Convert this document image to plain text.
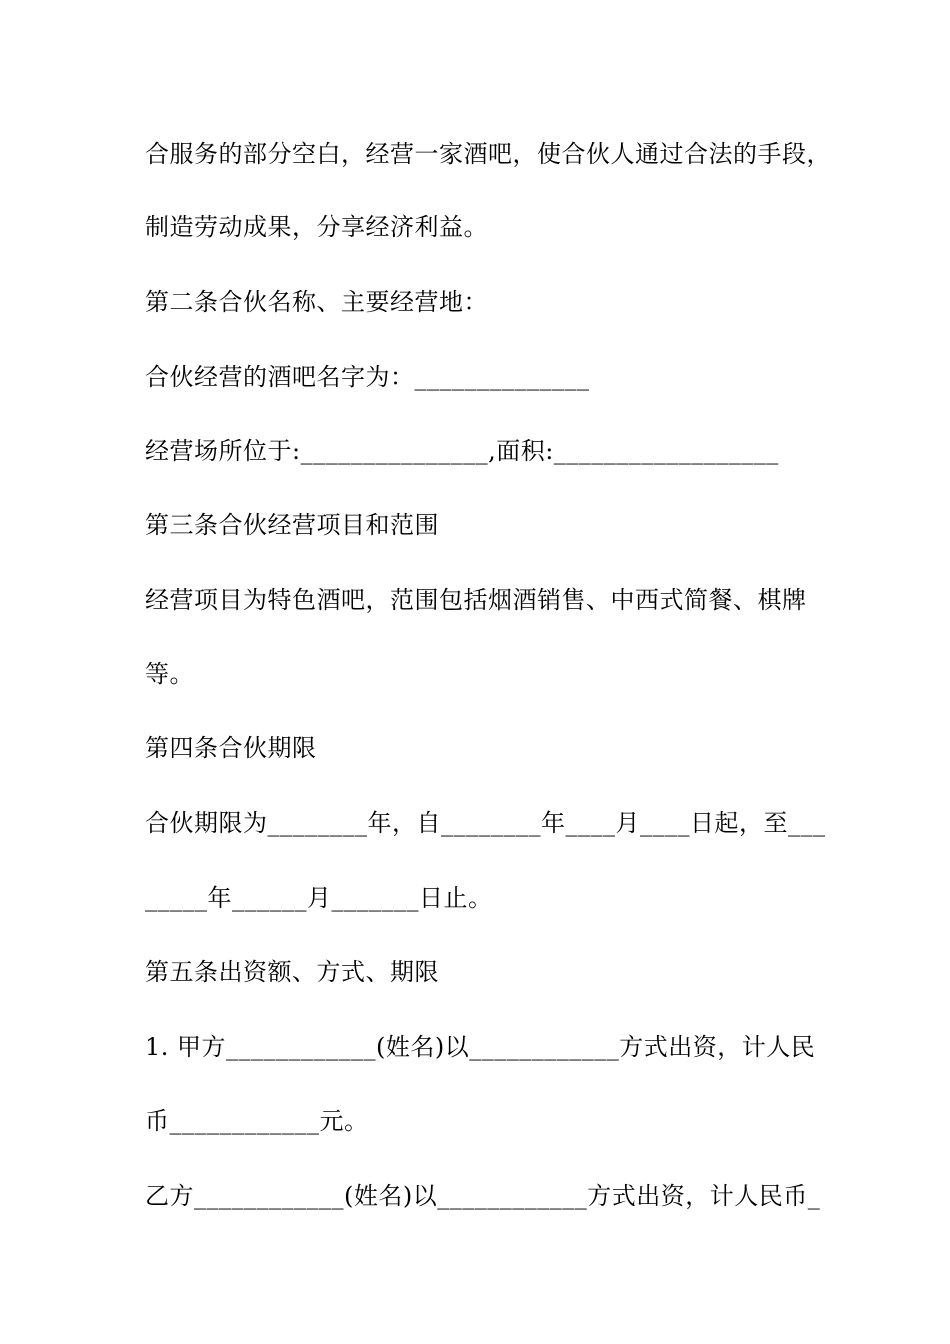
合服务的部分空白，经营一家酒吧，使合伙人通过合法的手段，
制造劳动成果，分享经济利益。
第二条合伙名称、主要经营地：
合伙经营的酒吧名字为：______________
经营场所位于:_______________,面积:__________________
第三条合伙经营项目和范围
经营项目为特色酒吧，范围包括烟酒销售、中西式简餐、棋牌
等。
第四条合伙期限
合伙期限为________年，自________年____月____日起，至___
_____年______月_______日止。
第五条出资额、方式、期限
1. 甲方____________(姓名)以____________方式出资，计人民
币____________元。
乙方____________(姓名)以____________方式出资，计人民币_
